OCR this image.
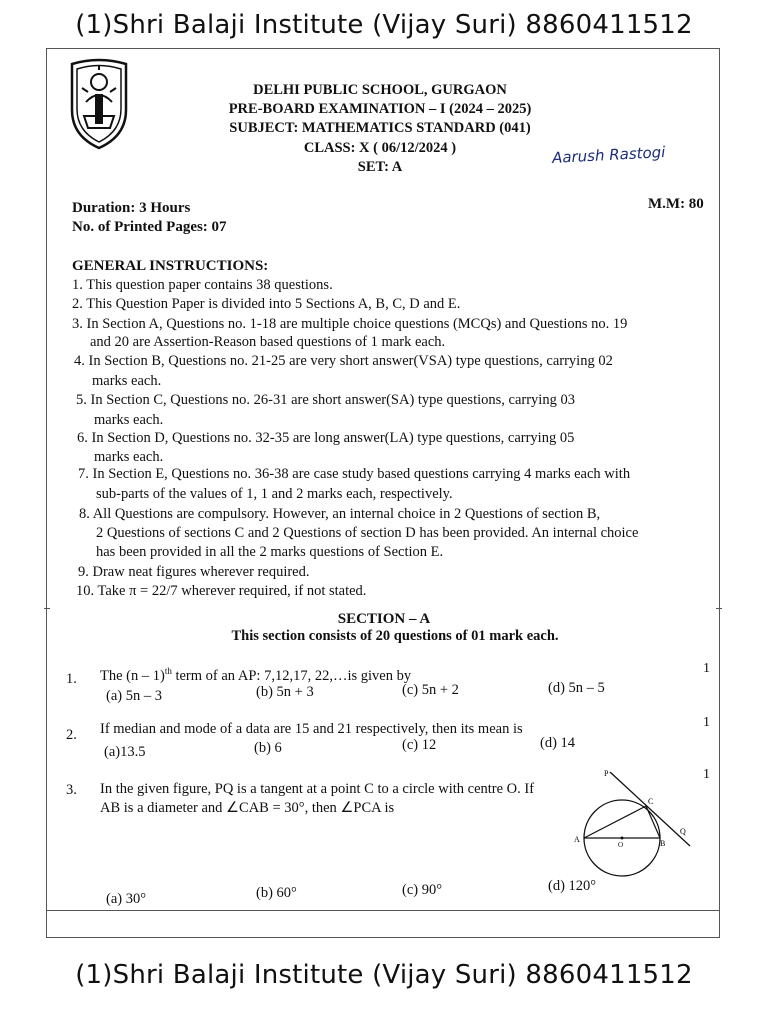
(1)Shri Balaji Institute (Vijay Suri) 8860411512
DELHI PUBLIC SCHOOL, GURGAON
PRE-BOARD EXAMINATION – I (2024 – 2025)
SUBJECT: MATHEMATICS STANDARD (041)
CLASS: X ( 06/12/2024 )
SET: A
Aarush Rastogi
Duration: 3 Hours
No. of Printed Pages: 07
M.M: 80
GENERAL INSTRUCTIONS:
1. This question paper contains 38 questions.
2. This Question Paper is divided into 5 Sections A, B, C, D and E.
3. In Section A, Questions no. 1-18 are multiple choice questions (MCQs) and Questions no. 19
and 20 are Assertion-Reason based questions of 1 mark each.
4. In Section B, Questions no. 21-25 are very short answer(VSA) type questions, carrying 02
marks each.
5. In Section C, Questions no. 26-31 are short answer(SA) type questions, carrying 03
marks each.
6. In Section D, Questions no. 32-35 are long answer(LA) type questions, carrying 05
marks each.
7. In Section E, Questions no. 36-38 are case study based questions carrying 4 marks each with
sub-parts of the values of 1, 1 and 2 marks each, respectively.
8. All Questions are compulsory. However, an internal choice in 2 Questions of section B,
2 Questions of sections C and 2 Questions of section D has been provided. An internal choice
has been provided in all the 2 marks questions of Section E.
9. Draw neat figures wherever required.
10. Take π = 22/7 wherever required, if not stated.
SECTION – A
This section consists of 20 questions of 01 mark each.
1. The (n – 1)$^{th}$ term of an AP: 7,12,17, 22,…is given by	1
(a) 5n – 3	(b) 5n + 3	(c) 5n + 2	(d) 5n – 5
2. If median and mode of a data are 15 and 21 respectively, then its mean is	1
(a)13.5	(b) 6	(c) 12	(d) 14
3. In the given figure, PQ is a tangent at a point C to a circle with centre O. If
AB is a diameter and ∠CAB = 30°, then ∠PCA is
1
(a) 30°	(b) 60°	(c) 90°	(d) 120°
P
C
A
O	B
Q
(1)Shri Balaji Institute (Vijay Suri) 8860411512
